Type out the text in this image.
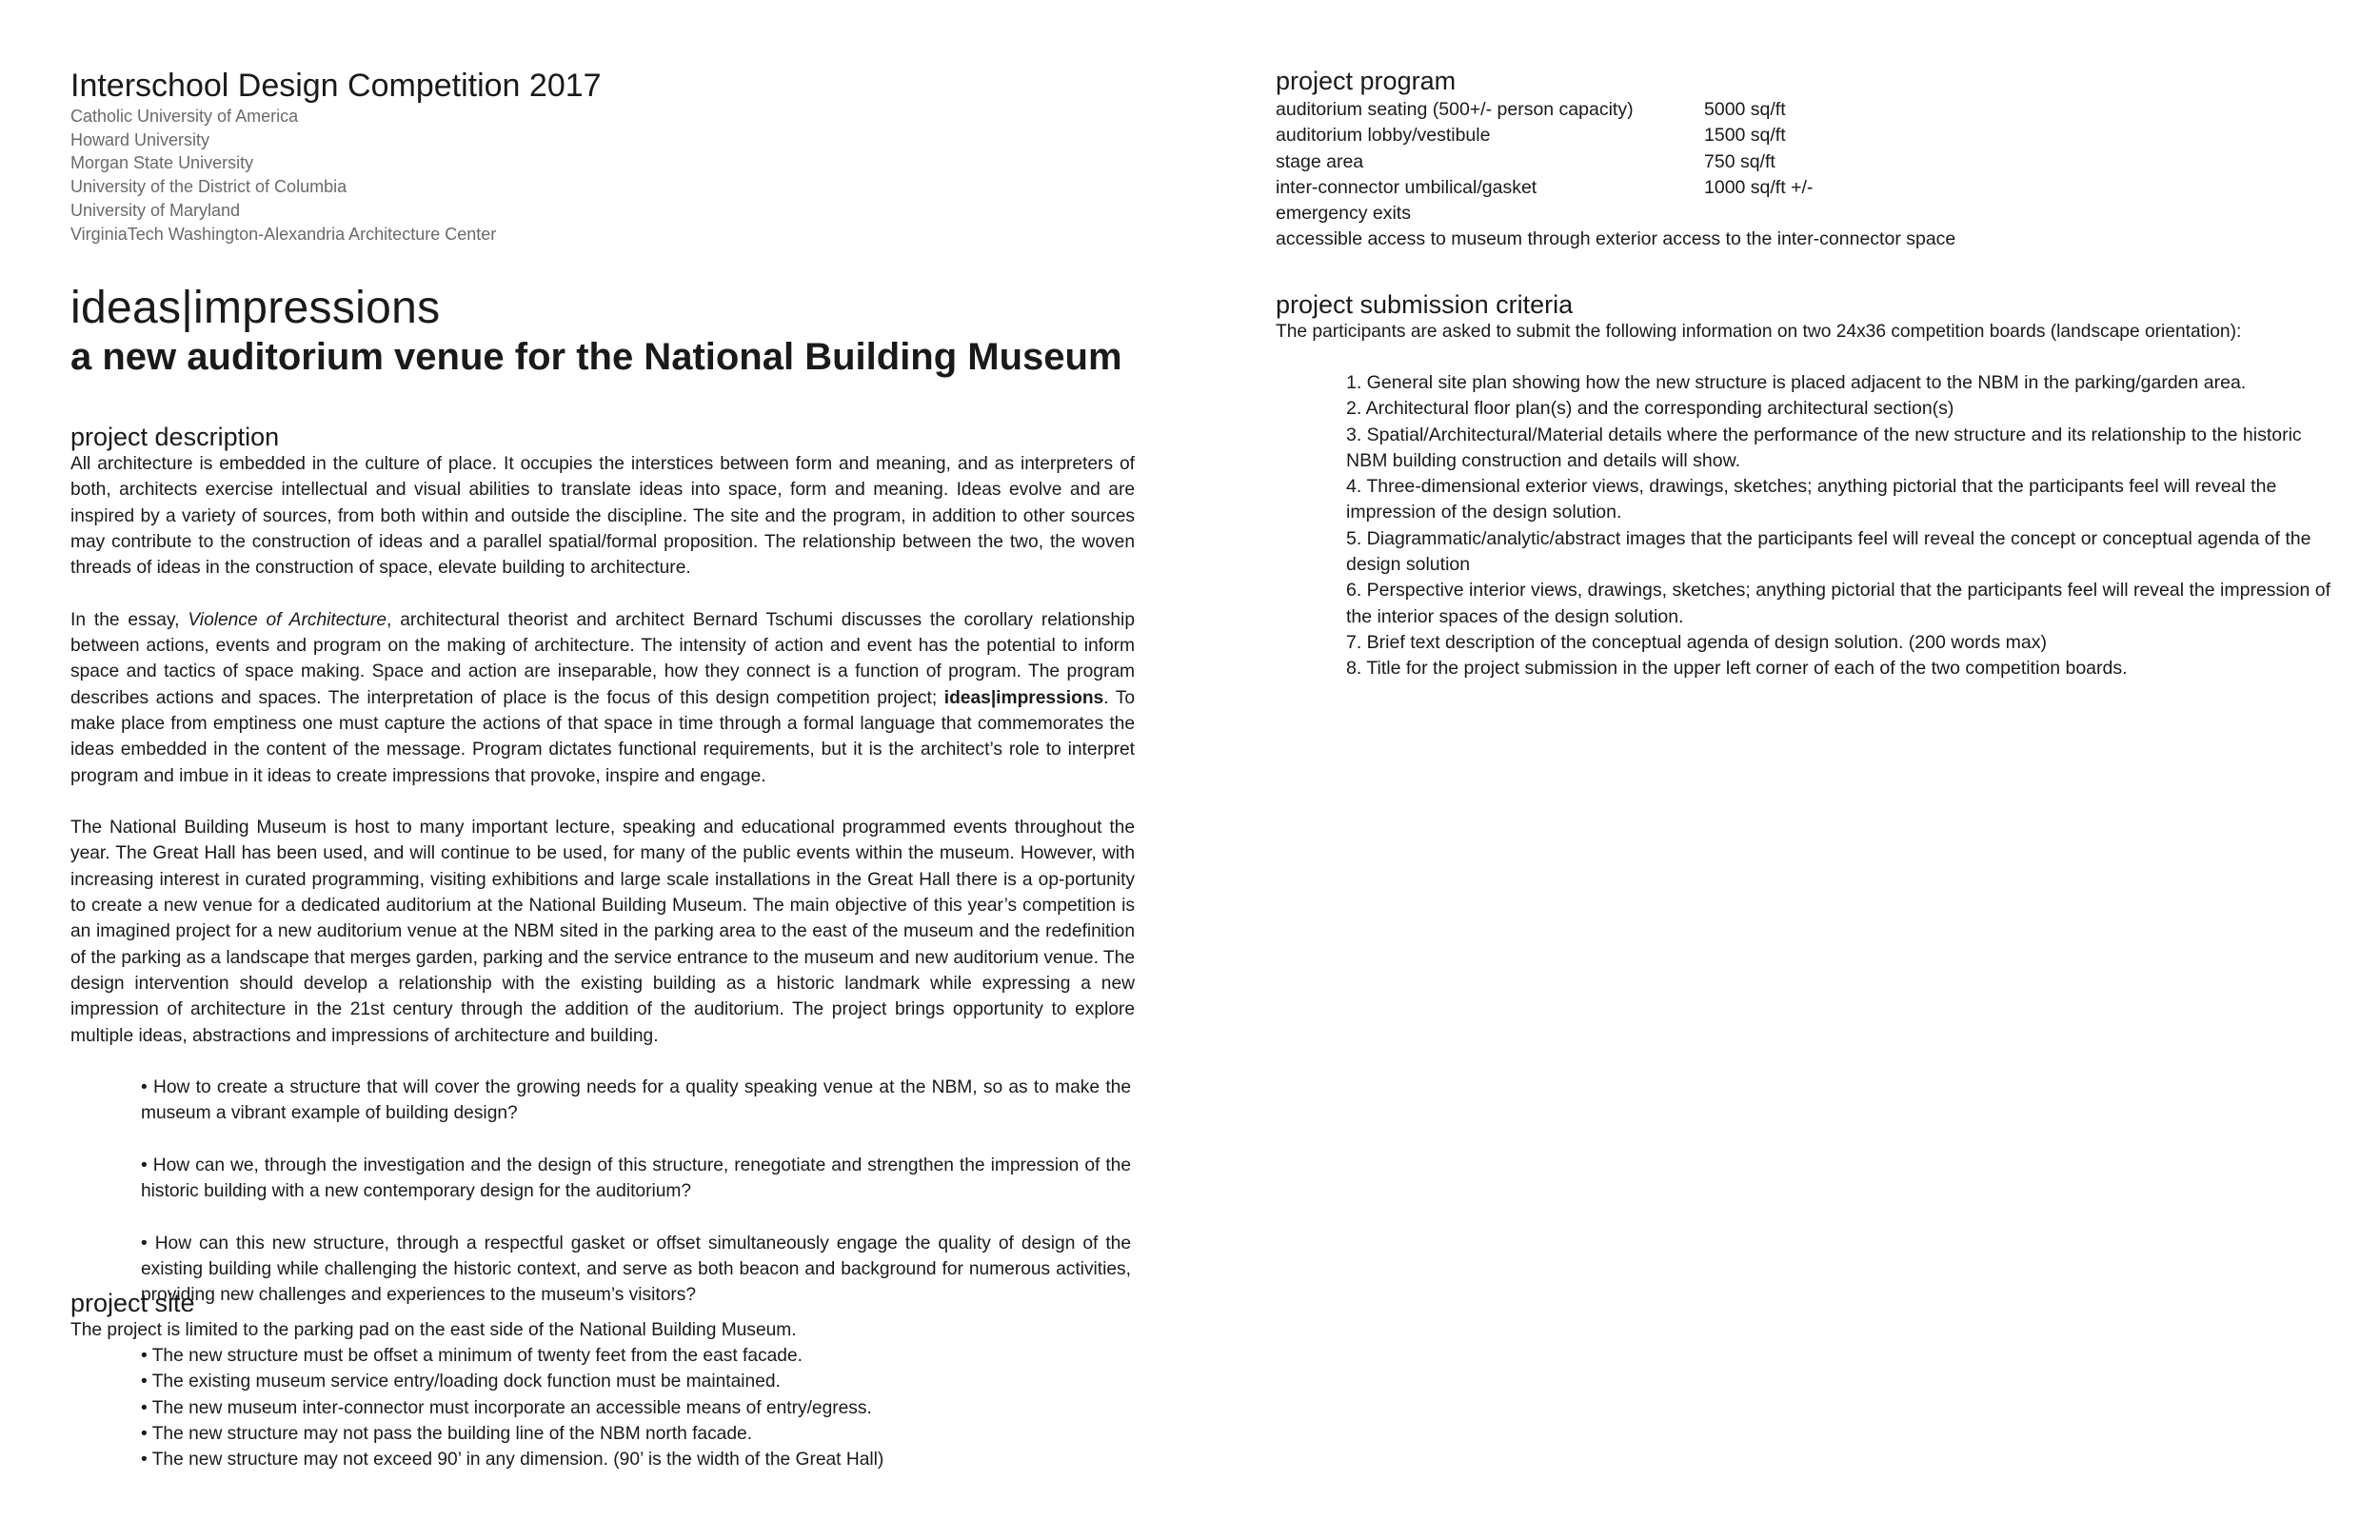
Interschool Design Competition 2017
Catholic University of America
Howard University
Morgan State University
University of the District of Columbia
University of Maryland
VirginiaTech Washington-Alexandria Architecture Center
ideas|impressions
a new auditorium venue for the National Building Museum
project description

All architecture is embedded in the culture of place. It occupies the interstices between form and meaning, and as interpreters of both, architects exercise intellectual and visual abilities to translate ideas into space, form and meaning. Ideas evolve and are inspired by a variety of sources, from both within and outside the discipline. The site and the program, in addition to other sources may contribute to the construction of ideas and a parallel spatial/formal proposition. The relationship between the two, the woven threads of ideas in the construction of space, elevate building to architecture.

In the essay, Violence of Architecture, architectural theorist and architect Bernard Tschumi discusses the corollary relationship between actions, events and program on the making of architecture. The intensity of action and event has the potential to inform space and tactics of space making. Space and action are inseparable, how they connect is a function of program. The program describes actions and spaces. The interpretation of place is the focus of this design competition project; ideas|impressions. To make place from emptiness one must capture the actions of that space in time through a formal language that commemorates the ideas embedded in the content of the message. Program dictates functional requirements, but it is the architect’s role to interpret program and imbue in it ideas to create impressions that provoke, inspire and engage.

The National Building Museum is host to many important lecture, speaking and educational programmed events throughout the year. The Great Hall has been used, and will continue to be used, for many of the public events within the museum. However, with increasing interest in curated programming, visiting exhibitions and large scale installations in the Great Hall there is a op-portunity to create a new venue for a dedicated auditorium at the National Building Museum. The main objective of this year’s competition is an imagined project for a new auditorium venue at the NBM sited in the parking area to the east of the museum and the redefinition of the parking as a landscape that merges garden, parking and the service entrance to the museum and new auditorium venue. The design intervention should develop a relationship with the existing building as a historic landmark while expressing a new impression of architecture in the 21st century through the addition of the auditorium. The project brings opportunity to explore multiple ideas, abstractions and impressions of architecture and building.

• How to create a structure that will cover the growing needs for a quality speaking venue at the NBM, so as to make the museum a vibrant example of building design?
• How can we, through the investigation and the design of this structure, renegotiate and strengthen the impression of the historic building with a new contemporary design for the auditorium?
• How can this new structure, through a respectful gasket or offset simultaneously engage the quality of design of the existing building while challenging the historic context, and serve as both beacon and background for numerous activities, providing new challenges and experiences to the museum’s visitors?
project site

The project is limited to the parking pad on the east side of the National Building Museum.

• The new structure must be offset a minimum of twenty feet from the east facade.
• The existing museum service entry/loading dock function must be maintained.
• The new museum inter-connector must incorporate an accessible means of entry/egress.
• The new structure may not pass the building line of the NBM north facade.
• The new structure may not exceed 90’ in any dimension. (90’ is the width of the Great Hall)
project program
auditorium seating (500+/- person capacity)	5000 sq/ft
auditorium lobby/vestibule	1500 sq/ft
stage area	750 sq/ft
inter-connector umbilical/gasket	1000 sq/ft +/-
emergency exits	
accessible access to museum through exterior access to the inter-connector space	
project submission criteria

The participants are asked to submit the following information on two 24x36 competition boards (landscape orientation):

1. General site plan showing how the new structure is placed adjacent to the NBM in the parking/garden area.
2. Architectural floor plan(s) and the corresponding architectural section(s)
3. Spatial/Architectural/Material details where the performance of the new structure and its relationship to the historic NBM building construction and details will show.
4. Three-dimensional exterior views, drawings, sketches; anything pictorial that the participants feel will reveal the impression of the design solution.
5. Diagrammatic/analytic/abstract images that the participants feel will reveal the concept or conceptual agenda of the design solution
6. Perspective interior views, drawings, sketches; anything pictorial that the participants feel will reveal the impression of the interior spaces of the design solution.
7. Brief text description of the conceptual agenda of design solution. (200 words max)
8. Title for the project submission in the upper left corner of each of the two competition boards.
